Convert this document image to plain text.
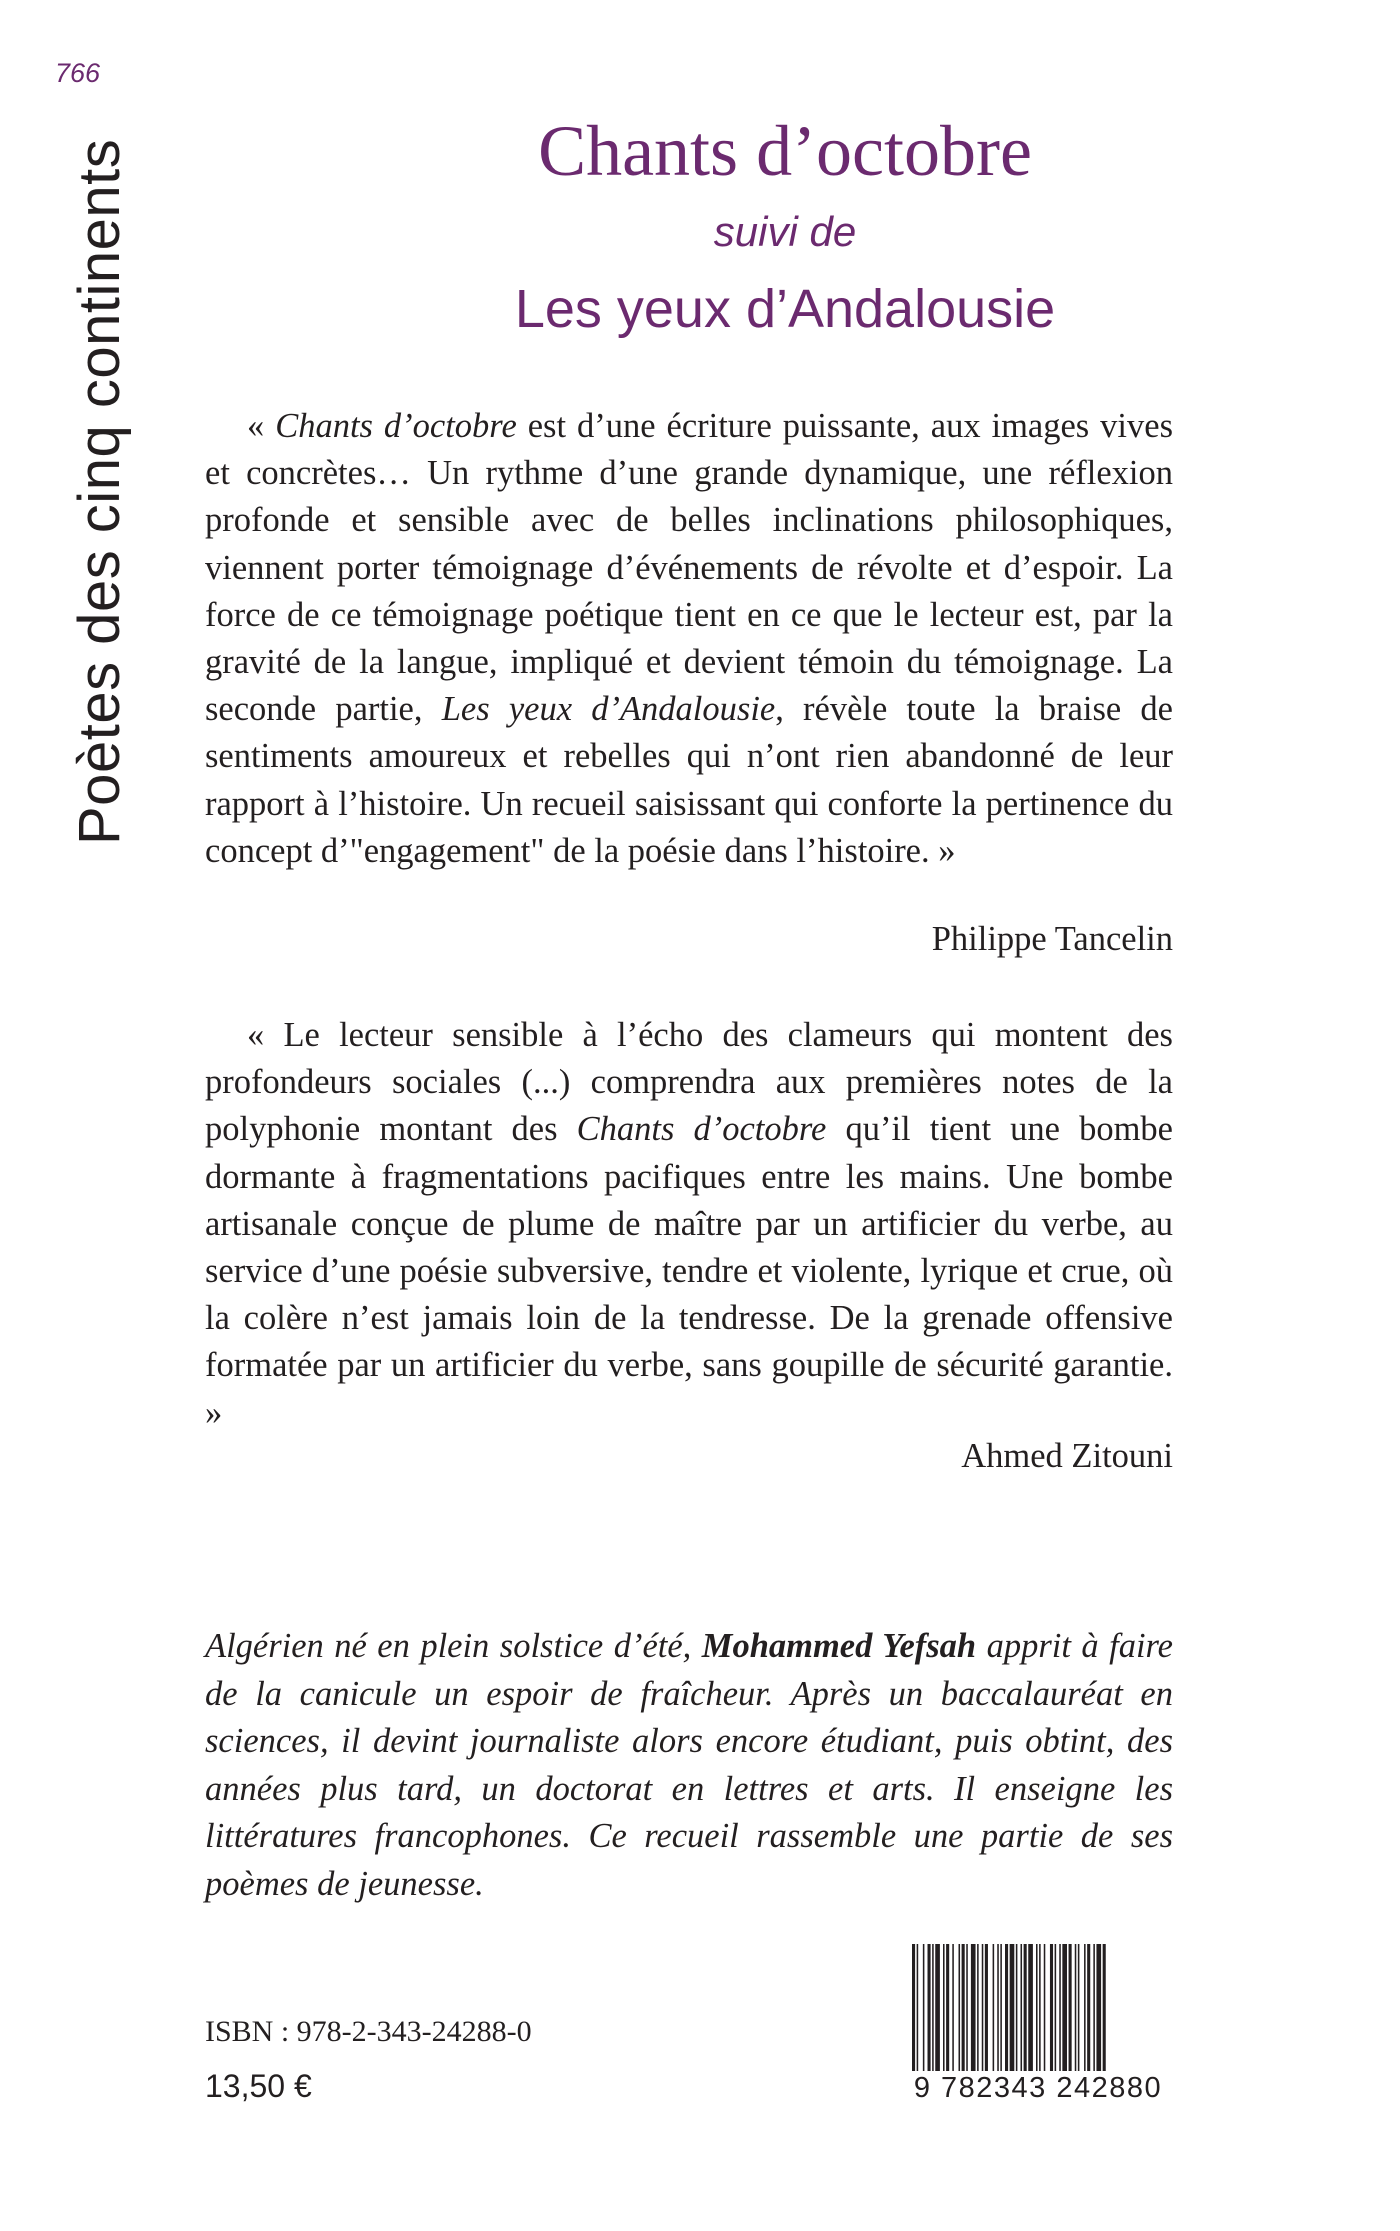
766
Poètes des cinq continents	Chants d’octobre
suivi de
Les yeux d’Andalousie

« Chants d’octobre est d’une écriture puissante, aux images vives et concrètes… Un rythme d’une grande dynamique, une réflexion profonde et sensible avec de belles inclinations philosophiques, viennent porter témoignage d’événements de révolte et d’espoir. La force de ce témoignage poétique tient en ce que le lecteur est, par la gravité de la langue, impliqué et devient témoin du témoignage. La seconde partie, Les yeux d’Andalousie, révèle toute la braise de sentiments amoureux et rebelles qui n’ont rien abandonné de leur rapport à l’histoire. Un recueil saisissant qui conforte la pertinence du concept d’"engagement" de la poésie dans l’histoire. »

Philippe Tancelin

« Le lecteur sensible à l’écho des clameurs qui montent des profondeurs sociales (...) comprendra aux premières notes de la polyphonie montant des Chants d’octobre qu’il tient une bombe dormante à fragmentations pacifiques entre les mains. Une bombe artisanale conçue de plume de maître par un artificier du verbe, au service d’une poésie subversive, tendre et violente, lyrique et crue, où la colère n’est jamais loin de la tendresse. De la grenade offensive formatée par un artificier du verbe, sans goupille de sécurité garantie. »

Ahmed Zitouni

Algérien né en plein solstice d’été, Mohammed Yefsah apprit à faire de la canicule un espoir de fraîcheur. Après un baccalauréat en sciences, il devint journaliste alors encore étudiant, puis obtint, des années plus tard, un doctorat en lettres et arts. Il enseigne les littératures francophones. Ce recueil rassemble une partie de ses poèmes de jeunesse.

ISBN : 978-2-343-24288-0
13,50 €	9 782343 242880
